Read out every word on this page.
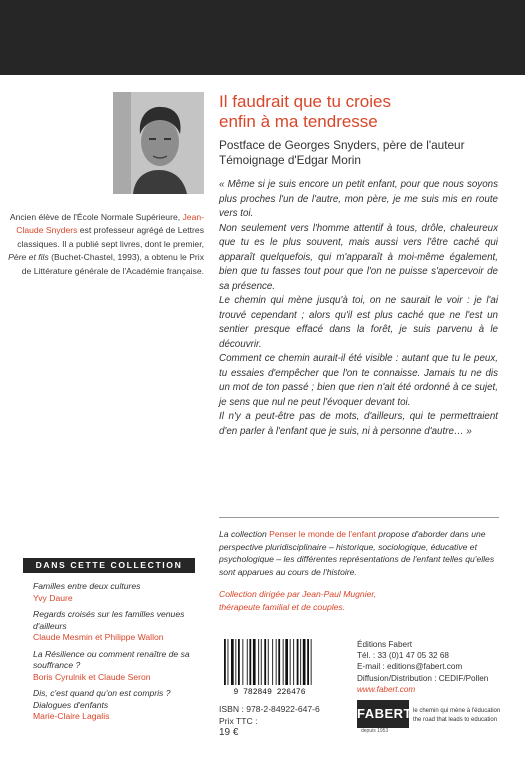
Ancien élève de l'École Normale Supérieure, Jean-Claude Snyders est professeur agrégé de Lettres classiques. Il a publié sept livres, dont le premier, Père et fils (Buchet-Chastel, 1993), a obtenu le Prix de Littérature générale de l'Académie française.
Il faudrait que tu croies
enfin à ma tendresse
Postface de Georges Snyders, père de l'auteur
Témoignage d'Edgar Morin

« Même si je suis encore un petit enfant, pour que nous soyons plus proches l'un de l'autre, mon père, je me suis mis en route vers toi.

Non seulement vers l'homme attentif à tous, drôle, chaleureux que tu es le plus souvent, mais aussi vers l'être caché qui apparaît quelquefois, qui m'apparaît à moi-même également, bien que tu fasses tout pour que l'on ne puisse s'apercevoir de sa présence.

Le chemin qui mène jusqu'à toi, on ne saurait le voir : je l'ai trouvé cependant ; alors qu'il est plus caché que ne l'est un sentier presque effacé dans la forêt, je suis parvenu à le découvrir.

Comment ce chemin aurait-il été visible : autant que tu le peux, tu essaies d'empêcher que l'on te connaisse. Jamais tu ne dis un mot de ton passé ; bien que rien n'ait été ordonné à ce sujet, je sens que nul ne peut l'évoquer devant toi.

Il n'y a peut-être pas de mots, d'ailleurs, qui te permettraient d'en parler à l'enfant que je suis, ni à personne d'autre… »

La collection Penser le monde de l'enfant propose d'aborder dans une perspective pluridisciplinaire – historique, sociologique, éducative et psychologique – les différentes représentations de l'enfant telles qu'elles sont apparues au cours de l'histoire.
Collection dirigée par Jean-Paul Mugnier,
thérapeute familial et de couples.
DANS CETTE COLLECTION
Familles entre deux cultures
Yvy Daure
Regards croisés sur les familles venues d'ailleurs
Claude Mesmin et Philippe Wallon
La Résilience ou comment renaître de sa souffrance ?
Boris Cyrulnik et Claude Seron
Dis, c'est quand qu'on est compris ? Dialogues d'enfants
Marie-Claire Lagalis
9 782849 226476
ISBN : 978-2-84922-647-6
Prix TTC :
19 €
Éditions Fabert
Tél. : 33 (0)1 47 05 32 68
E-mail : editions@fabert.com
Diffusion/Distribution : CEDIF/Pollen
www.fabert.com
FABERT
depuis 1953
le chemin qui mène à l'éducation
the road that leads to education
